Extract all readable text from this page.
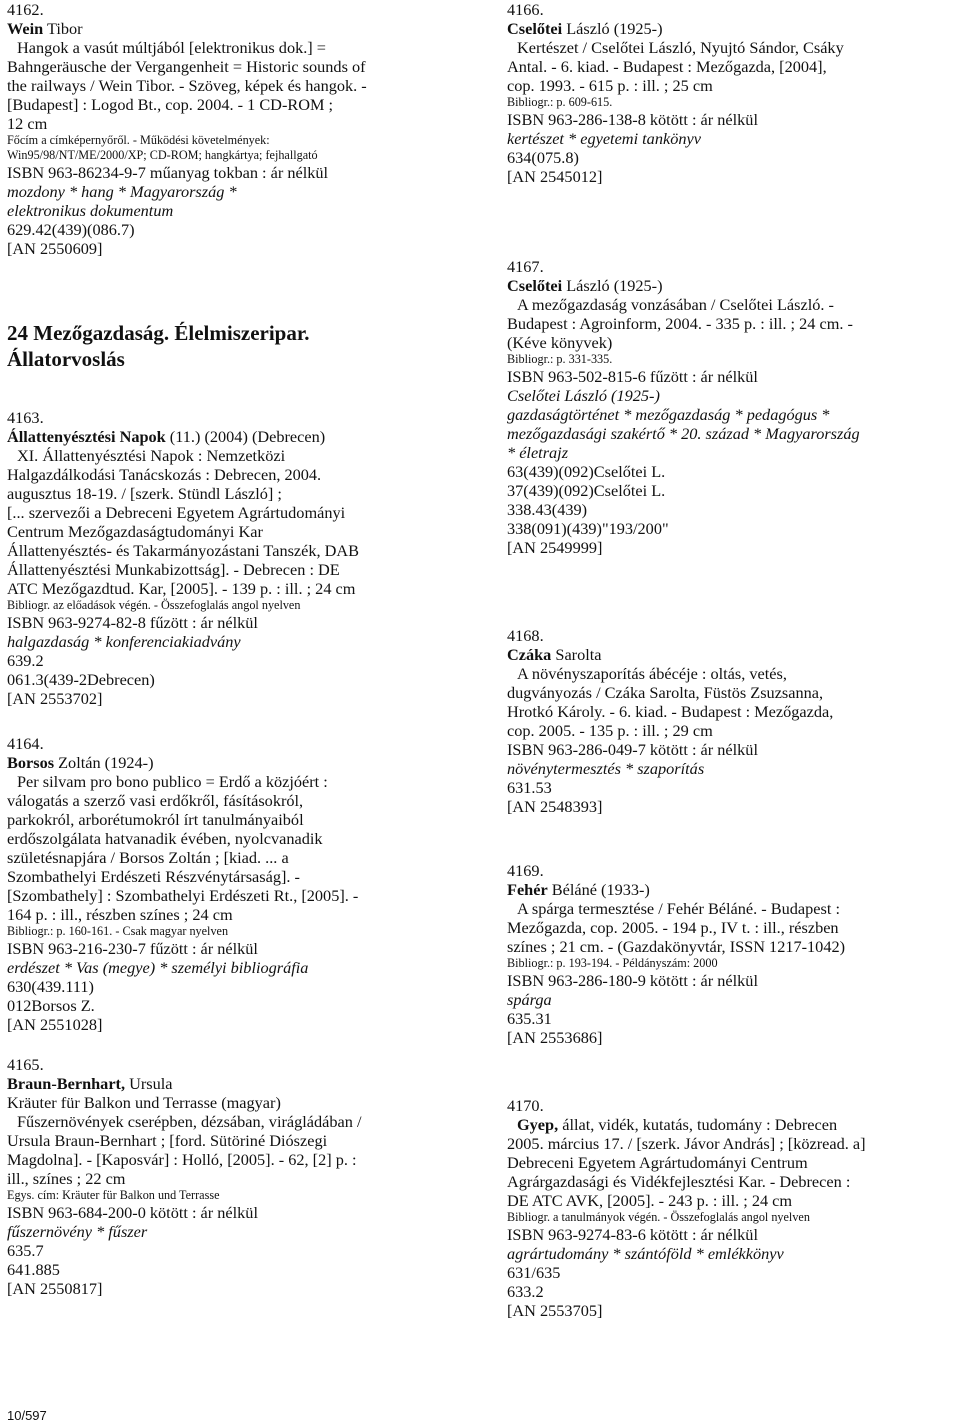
4162.

Wein Tibor

Hangok a vasút múltjából [elektronikus dok.] =

Bahngeräusche der Vergangenheit = Historic sounds of

the railways / Wein Tibor. - Szöveg, képek és hangok. -

[Budapest] : Logod Bt., cop. 2004. - 1 CD-ROM ;

12 cm

Főcím a címképernyőről. - Működési követelmények:

Win95/98/NT/ME/2000/XP; CD-ROM; hangkártya; fejhallgató

ISBN 963-86234-9-7 műanyag tokban : ár nélkül

mozdony * hang * Magyarország *

elektronikus dokumentum

629.42(439)(086.7)

[AN 2550609]

24 Mezőgazdaság. Élelmiszeripar.

Állatorvoslás

4163.

Állattenyésztési Napok (11.) (2004) (Debrecen)

XI. Állattenyésztési Napok : Nemzetközi

Halgazdálkodási Tanácskozás : Debrecen, 2004.

augusztus 18-19. / [szerk. Stündl László] ;

[... szervezői a Debreceni Egyetem Agrártudományi

Centrum Mezőgazdaságtudományi Kar

Állattenyésztés- és Takarmányozástani Tanszék, DAB

Állattenyésztési Munkabizottság]. - Debrecen : DE

ATC Mezőgazdtud. Kar, [2005]. - 139 p. : ill. ; 24 cm

Bibliogr. az előadások végén. - Összefoglalás angol nyelven

ISBN 963-9274-82-8 fűzött : ár nélkül

halgazdaság * konferenciakiadvány

639.2

061.3(439-2Debrecen)

[AN 2553702]

4164.

Borsos Zoltán (1924-)

Per silvam pro bono publico = Erdő a közjóért :

válogatás a szerző vasi erdőkről, fásításokról,

parkokról, arborétumokról írt tanulmányaiból

erdőszolgálata hatvanadik évében, nyolcvanadik

születésnapjára / Borsos Zoltán ; [kiad. ... a

Szombathelyi Erdészeti Részvénytársaság]. -

[Szombathely] : Szombathelyi Erdészeti Rt., [2005]. -

164 p. : ill., részben színes ; 24 cm

Bibliogr.: p. 160-161. - Csak magyar nyelven

ISBN 963-216-230-7 fűzött : ár nélkül

erdészet * Vas (megye) * személyi bibliográfia

630(439.111)

012Borsos Z.

[AN 2551028]

4165.

Braun-Bernhart, Ursula

Kräuter für Balkon und Terrasse (magyar)

Fűszernövények cserépben, dézsában, virágládában /

Ursula Braun-Bernhart ; [ford. Sütöriné Diószegi

Magdolna]. - [Kaposvár] : Holló, [2005]. - 62, [2] p. :

ill., színes ; 22 cm

Egys. cím: Kräuter für Balkon und Terrasse

ISBN 963-684-200-0 kötött : ár nélkül

fűszernövény * fűszer

635.7

641.885

[AN 2550817]

4166.

Cselőtei László (1925-)

Kertészet / Cselőtei László, Nyujtó Sándor, Csáky

Antal. - 6. kiad. - Budapest : Mezőgazda, [2004],

cop. 1993. - 615 p. : ill. ; 25 cm

Bibliogr.: p. 609-615.

ISBN 963-286-138-8 kötött : ár nélkül

kertészet * egyetemi tankönyv

634(075.8)

[AN 2545012]

4167.

Cselőtei László (1925-)

A mezőgazdaság vonzásában / Cselőtei László. -

Budapest : Agroinform, 2004. - 335 p. : ill. ; 24 cm. -

(Kéve könyvek)

Bibliogr.: p. 331-335.

ISBN 963-502-815-6 fűzött : ár nélkül

Cselőtei László (1925-)

gazdaságtörténet * mezőgazdaság * pedagógus *

mezőgazdasági szakértő * 20. század * Magyarország

* életrajz

63(439)(092)Cselőtei L.

37(439)(092)Cselőtei L.

338.43(439)

338(091)(439)"193/200"

[AN 2549999]

4168.

Czáka Sarolta

A növényszaporítás ábécéje : oltás, vetés,

dugványozás / Czáka Sarolta, Füstös Zsuzsanna,

Hrotkó Károly. - 6. kiad. - Budapest : Mezőgazda,

cop. 2005. - 135 p. : ill. ; 29 cm

ISBN 963-286-049-7 kötött : ár nélkül

növénytermesztés * szaporítás

631.53

[AN 2548393]

4169.

Fehér Béláné (1933-)

A spárga termesztése / Fehér Béláné. - Budapest :

Mezőgazda, cop. 2005. - 194 p., IV t. : ill., részben

színes ; 21 cm. - (Gazdakönyvtár, ISSN 1217-1042)

Bibliogr.: p. 193-194. - Példányszám: 2000

ISBN 963-286-180-9 kötött : ár nélkül

spárga

635.31

[AN 2553686]

4170.

Gyep, állat, vidék, kutatás, tudomány : Debrecen

2005. március 17. / [szerk. Jávor András] ; [közread. a]

Debreceni Egyetem Agrártudományi Centrum

Agrárgazdasági és Vidékfejlesztési Kar. - Debrecen :

DE ATC AVK, [2005]. - 243 p. : ill. ; 24 cm

Bibliogr. a tanulmányok végén. - Összefoglalás angol nyelven

ISBN 963-9274-83-6 kötött : ár nélkül

agrártudomány * szántóföld * emlékkönyv

631/635

633.2

[AN 2553705]

10/597
